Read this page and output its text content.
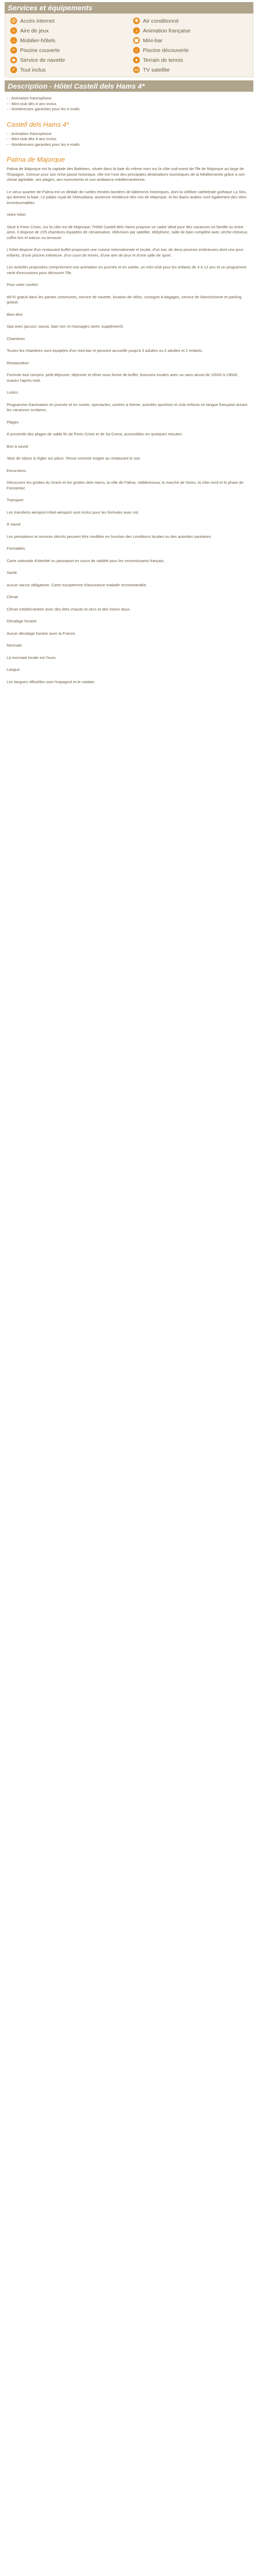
Services et équipements
@ Accès internet	✻ Air conditionné
☺ Aire de jeux	♪ Animation française
⌂ Mobilier-hôtels	▣ Mini-bar
≈ Piscine couverte	☼ Piscine découverte
◆ Service de navette	● Terrain de tennis
✓ Tout inclus	▭ TV satellite
Description - Hôtel Castell dels Hams 4*
- - Animation francophone
- - Mini-club dès 4 ans inclus
- - Nombreuses garanties pour les e-mails
Castell dels Hams 4*
- - Animation francophone
- - Mini-club dès 4 ans inclus
- - Nombreuses garanties pour les e-mails
Palma de Majorque

Palma de Majorque est la capitale des Baléares, située dans la baie du même nom sur la côte sud-ouest de l'île de Majorque au large de l'Espagne. Connue pour son riche passé historique, elle est l'une des principales destinations touristiques de la Méditerranée grâce à son climat agréable, ses plages, ses monuments et son ambiance méditerranéenne.

Le vieux quartier de Palma est un dédale de ruelles étroites bordées de bâtiments historiques, dont la célèbre cathédrale gothique La Seu, qui domine la baie. Le palais royal de l'Almudaina, ancienne résidence des rois de Majorque, et les Bains arabes sont également des sites incontournables.

Votre hôtel

Situé à Porto Cristo, sur la côte est de Majorque, l'hôtel Castell dels Hams propose un cadre idéal pour des vacances en famille ou entre amis. Il dispose de 225 chambres équipées de climatisation, télévision par satellite, téléphone, salle de bain complète avec sèche-cheveux, coffre-fort et balcon ou terrasse.

L'hôtel dispose d'un restaurant buffet proposant une cuisine internationale et locale, d'un bar, de deux piscines extérieures dont une pour enfants, d'une piscine intérieure, d'un court de tennis, d'une aire de jeux et d'une salle de sport.

Les activités proposées comprennent une animation en journée et en soirée, un mini-club pour les enfants de 4 à 12 ans et un programme varié d'excursions pour découvrir l'île.

Pour votre confort

Wi-Fi gratuit dans les parties communes, service de navette, location de vélos, consigne à bagages, service de blanchisserie et parking gratuit.

Bien-être

Spa avec jacuzzi, sauna, bain turc et massages (avec supplément).

Chambres

Toutes les chambres sont équipées d'un mini-bar et peuvent accueillir jusqu'à 3 adultes ou 2 adultes et 2 enfants.

Restauration

Formule tout compris: petit-déjeuner, déjeuner et dîner sous forme de buffet, boissons locales avec ou sans alcool de 10h00 à 23h00, snacks l'après-midi.

Loisirs

Programme d'animation en journée et en soirée, spectacles, soirées à thème, activités sportives et club enfants en langue française durant les vacances scolaires.

Plages

À proximité des plages de sable fin de Porto Cristo et de Sa Coma, accessibles en quelques minutes.

Bon à savoir

Taxe de séjour à régler sur place. Tenue correcte exigée au restaurant le soir.

Excursions

Découvrez les grottes du Drach et les grottes dels Hams, la ville de Palma, Valldemossa, le marché de Sineu, la côte nord et le phare de Formentor.

Transport

Les transferts aéroport-hôtel-aéroport sont inclus pour les formules avec vol.

À savoir

Les prestations et services décrits peuvent être modifiés en fonction des conditions locales ou des autorités sanitaires.

Formalités

Carte nationale d'identité ou passeport en cours de validité pour les ressortissants français.

Santé

Aucun vaccin obligatoire. Carte européenne d'assurance maladie recommandée.

Climat

Climat méditerranéen avec des étés chauds et secs et des hivers doux.

Décalage horaire

Aucun décalage horaire avec la France.

Monnaie

La monnaie locale est l'euro.

Langue

Les langues officielles sont l'espagnol et le catalan.
